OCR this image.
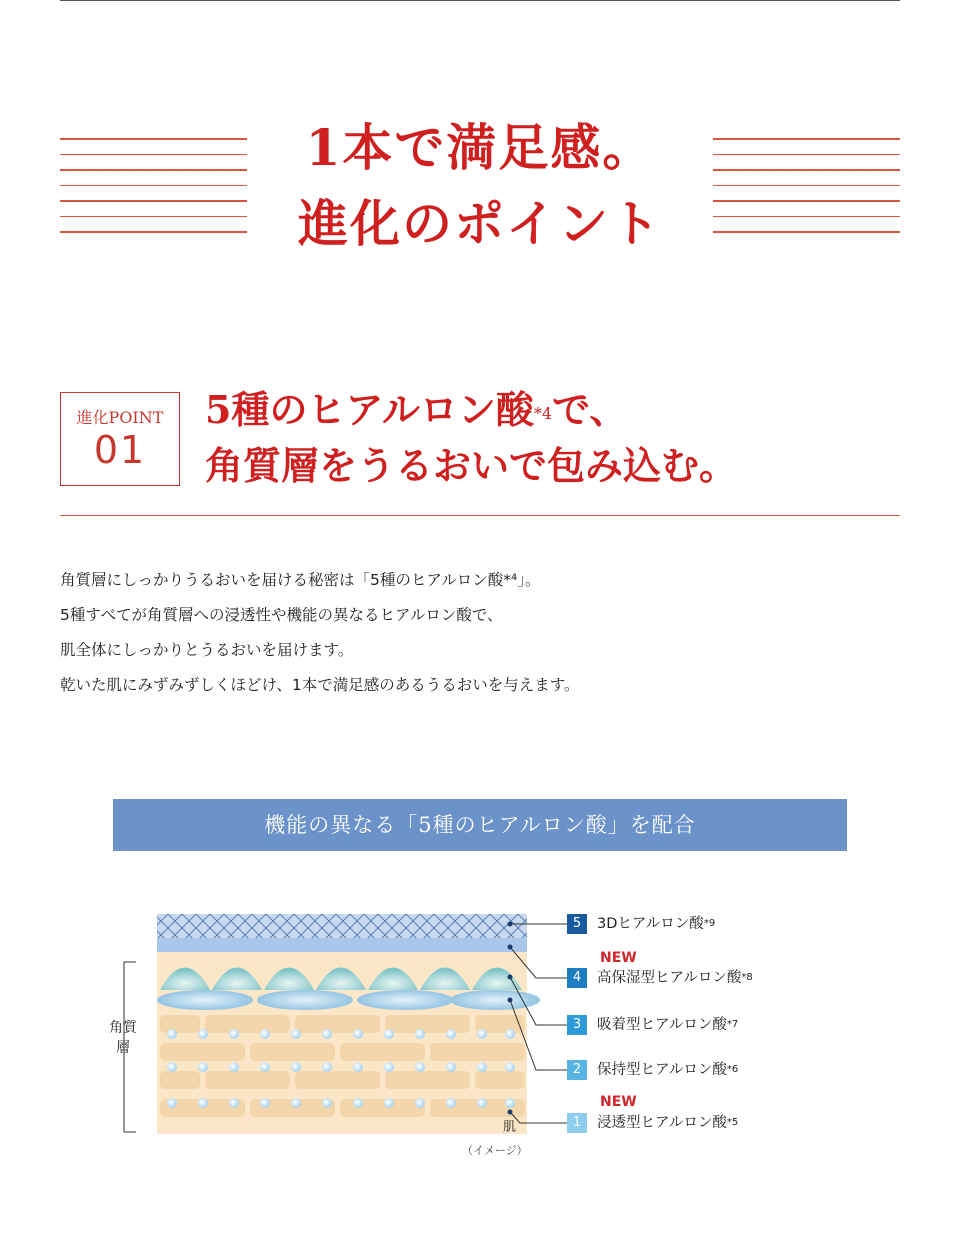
1本で満足感。
進化のポイント
進化POINT
01
5種のヒアルロン酸$^{*4}$で、
角質層をうるおいで包み込む。

角質層にしっかりうるおいを届ける秘密は「5種のヒアルロン酸*⁴」。

5種すべてが角質層への浸透性や機能の異なるヒアルロン酸で、

肌全体にしっかりとうるおいを届けます。

乾いた肌にみずみずしくほどけ、1本で満足感のあるうるおいを与えます。

機能の異なる「5種のヒアルロン酸」を配合
角質層
肌
（イメージ）
5 3Dヒアルロン酸$^{*9}$
NEW
4 高保湿型ヒアルロン酸$^{*8}$
3 吸着型ヒアルロン酸$^{*7}$
2 保持型ヒアルロン酸$^{*6}$
NEW
1 浸透型ヒアルロン酸$^{*5}$
